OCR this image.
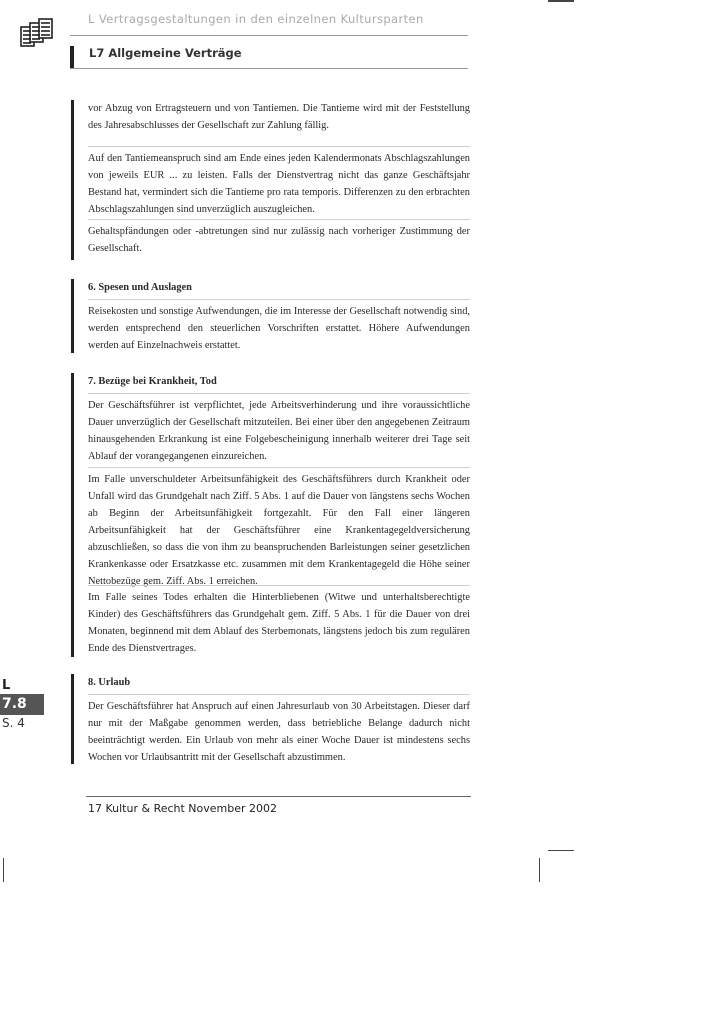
L Vertragsgestaltungen in den einzelnen Kultursparten
L7 Allgemeine Verträge
vor Abzug von Ertragsteuern und von Tantiemen. Die Tantieme wird mit der Feststellung des Jahresabschlusses der Gesellschaft zur Zahlung fällig.
Auf den Tantiemeanspruch sind am Ende eines jeden Kalendermonats Abschlagszahlungen von jeweils EUR ... zu leisten. Falls der Dienstvertrag nicht das ganze Geschäftsjahr Bestand hat, vermindert sich die Tantieme pro rata temporis. Differenzen zu den erbrachten Abschlagszahlungen sind unverzüglich auszugleichen.
Gehaltspfändungen oder -abtretungen sind nur zulässig nach vorheriger Zustimmung der Gesellschaft.
6. Spesen und Auslagen
Reisekosten und sonstige Aufwendungen, die im Interesse der Gesellschaft notwendig sind, werden entsprechend den steuerlichen Vorschriften erstattet. Höhere Aufwendungen werden auf Einzelnachweis erstattet.
7. Bezüge bei Krankheit, Tod
Der Geschäftsführer ist verpflichtet, jede Arbeitsverhinderung und ihre voraussichtliche Dauer unverzüglich der Gesellschaft mitzuteilen. Bei einer über den angegebenen Zeitraum hinausgehenden Erkrankung ist eine Folgebescheinigung innerhalb weiterer drei Tage seit Ablauf der vorangegangenen einzureichen.
Im Falle unverschuldeter Arbeitsunfähigkeit des Geschäftsführers durch Krankheit oder Unfall wird das Grundgehalt nach Ziff. 5 Abs. 1 auf die Dauer von längstens sechs Wochen ab Beginn der Arbeitsunfähigkeit fortgezahlt. Für den Fall einer längeren Arbeitsunfähigkeit hat der Geschäftsführer eine Krankentagegeldversicherung abzuschließen, so dass die von ihm zu beanspruchenden Barleistungen seiner gesetzlichen Krankenkasse oder Ersatzkasse etc. zusammen mit dem Krankentagegeld die Höhe seiner Nettobezüge gem. Ziff. Abs. 1 erreichen.
Im Falle seines Todes erhalten die Hinterbliebenen (Witwe und unterhaltsberechtigte Kinder) des Geschäftsführers das Grundgehalt gem. Ziff. 5 Abs. 1 für die Dauer von drei Monaten, beginnend mit dem Ablauf des Sterbemonats, längstens jedoch bis zum regulären Ende des Dienstvertrages.
8. Urlaub
Der Geschäftsführer hat Anspruch auf einen Jahresurlaub von 30 Arbeitstagen. Dieser darf nur mit der Maßgabe genommen werden, dass betriebliche Belange dadurch nicht beeinträchtigt werden. Ein Urlaub von mehr als einer Woche Dauer ist mindestens sechs Wochen vor Urlaubsantritt mit der Gesellschaft abzustimmen.
L
7.8
S. 4
17 Kultur & Recht November 2002
